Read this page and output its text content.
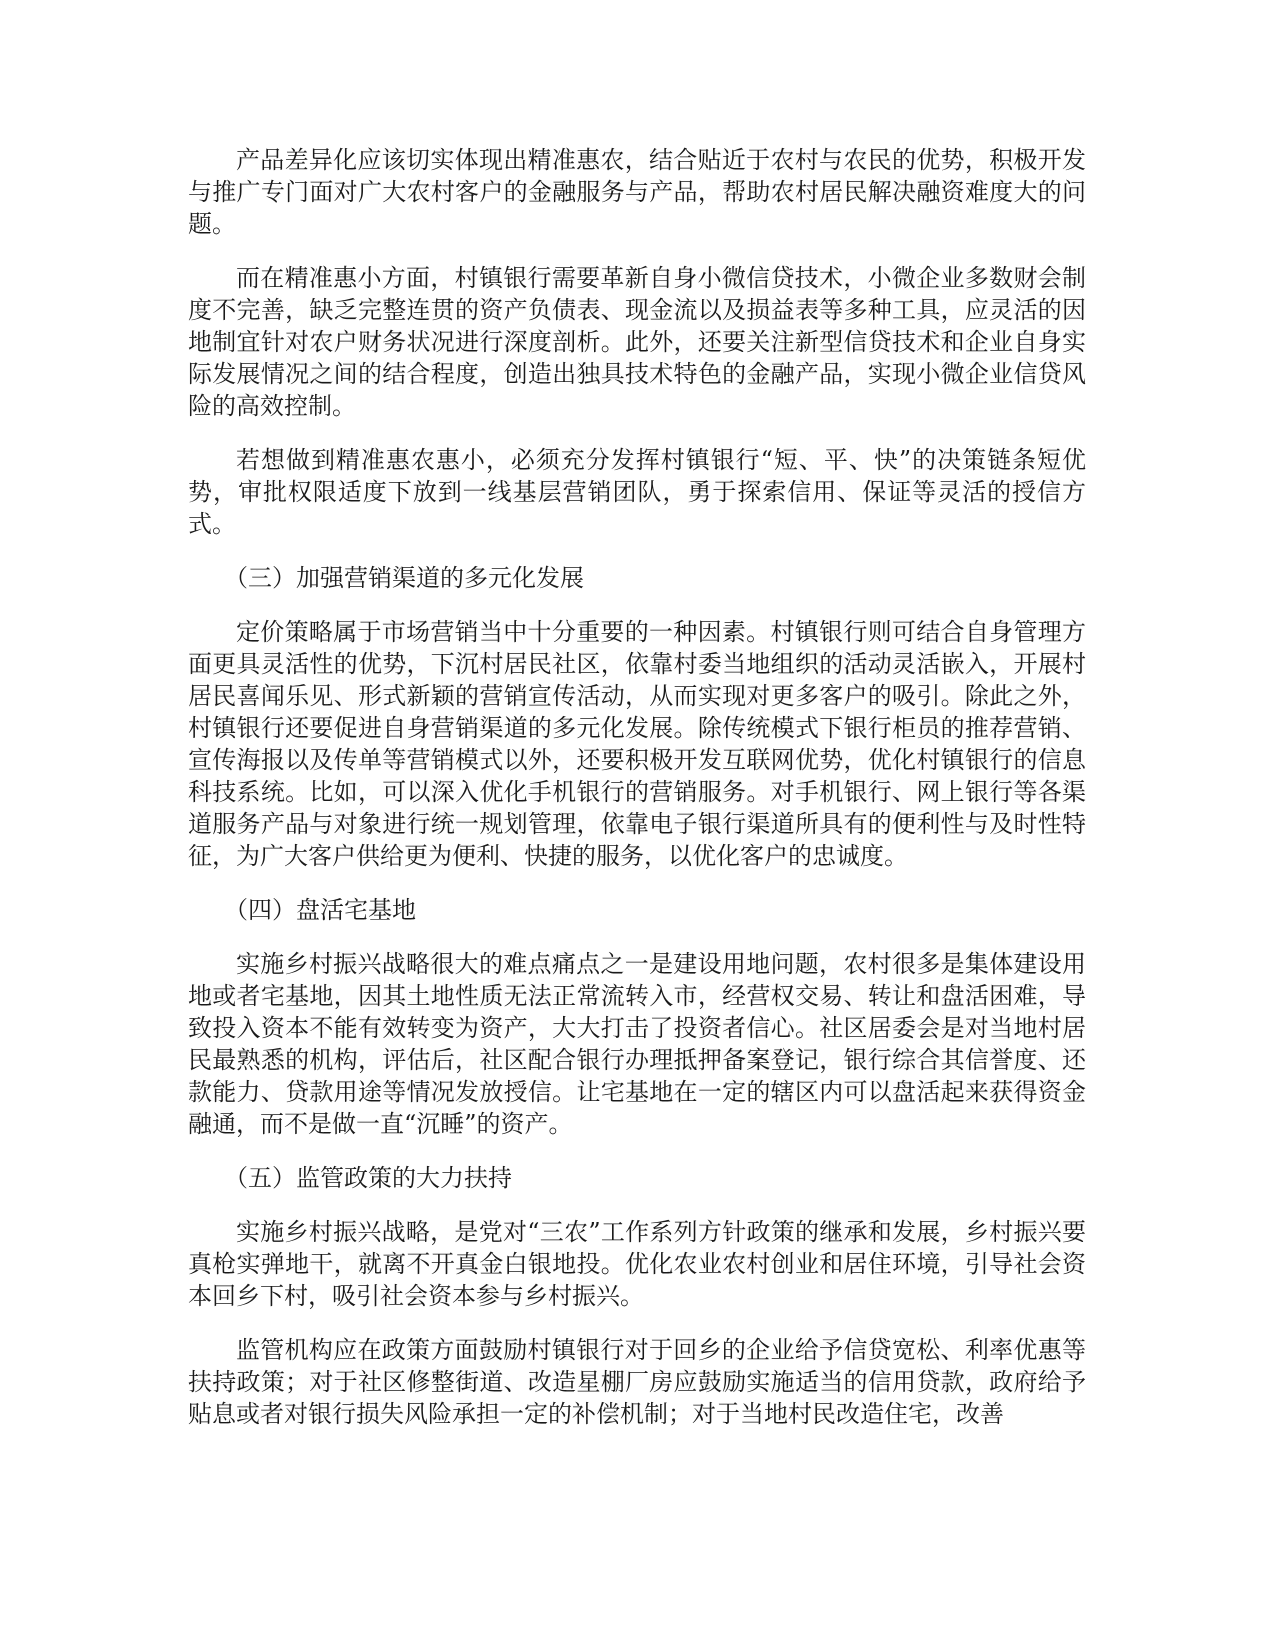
产品差异化应该切实体现出精准惠农，结合贴近于农村与农民的优势，积极开发与推广专门面对广大农村客户的金融服务与产品，帮助农村居民解决融资难度大的问题。

而在精准惠小方面，村镇银行需要革新自身小微信贷技术，小微企业多数财会制度不完善，缺乏完整连贯的资产负债表、现金流以及损益表等多种工具，应灵活的因地制宜针对农户财务状况进行深度剖析。此外，还要关注新型信贷技术和企业自身实际发展情况之间的结合程度，创造出独具技术特色的金融产品，实现小微企业信贷风险的高效控制。

若想做到精准惠农惠小，必须充分发挥村镇银行“短、平、快”的决策链条短优势，审批权限适度下放到一线基层营销团队，勇于探索信用、保证等灵活的授信方式。

（三）加强营销渠道的多元化发展

定价策略属于市场营销当中十分重要的一种因素。村镇银行则可结合自身管理方面更具灵活性的优势，下沉村居民社区，依靠村委当地组织的活动灵活嵌入，开展村居民喜闻乐见、形式新颖的营销宣传活动，从而实现对更多客户的吸引。除此之外，村镇银行还要促进自身营销渠道的多元化发展。除传统模式下银行柜员的推荐营销、宣传海报以及传单等营销模式以外，还要积极开发互联网优势，优化村镇银行的信息科技系统。比如，可以深入优化手机银行的营销服务。对手机银行、网上银行等各渠道服务产品与对象进行统一规划管理，依靠电子银行渠道所具有的便利性与及时性特征，为广大客户供给更为便利、快捷的服务，以优化客户的忠诚度。

（四）盘活宅基地

实施乡村振兴战略很大的难点痛点之一是建设用地问题，农村很多是集体建设用地或者宅基地，因其土地性质无法正常流转入市，经营权交易、转让和盘活困难，导致投入资本不能有效转变为资产，大大打击了投资者信心。社区居委会是对当地村居民最熟悉的机构，评估后，社区配合银行办理抵押备案登记，银行综合其信誉度、还款能力、贷款用途等情况发放授信。让宅基地在一定的辖区内可以盘活起来获得资金融通，而不是做一直“沉睡”的资产。

（五）监管政策的大力扶持

实施乡村振兴战略，是党对“三农”工作系列方针政策的继承和发展，乡村振兴要真枪实弹地干，就离不开真金白银地投。优化农业农村创业和居住环境，引导社会资本回乡下村，吸引社会资本参与乡村振兴。

监管机构应在政策方面鼓励村镇银行对于回乡的企业给予信贷宽松、利率优惠等扶持政策；对于社区修整街道、改造星棚厂房应鼓励实施适当的信用贷款，政府给予贴息或者对银行损失风险承担一定的补偿机制；对于当地村民改造住宅，改善
